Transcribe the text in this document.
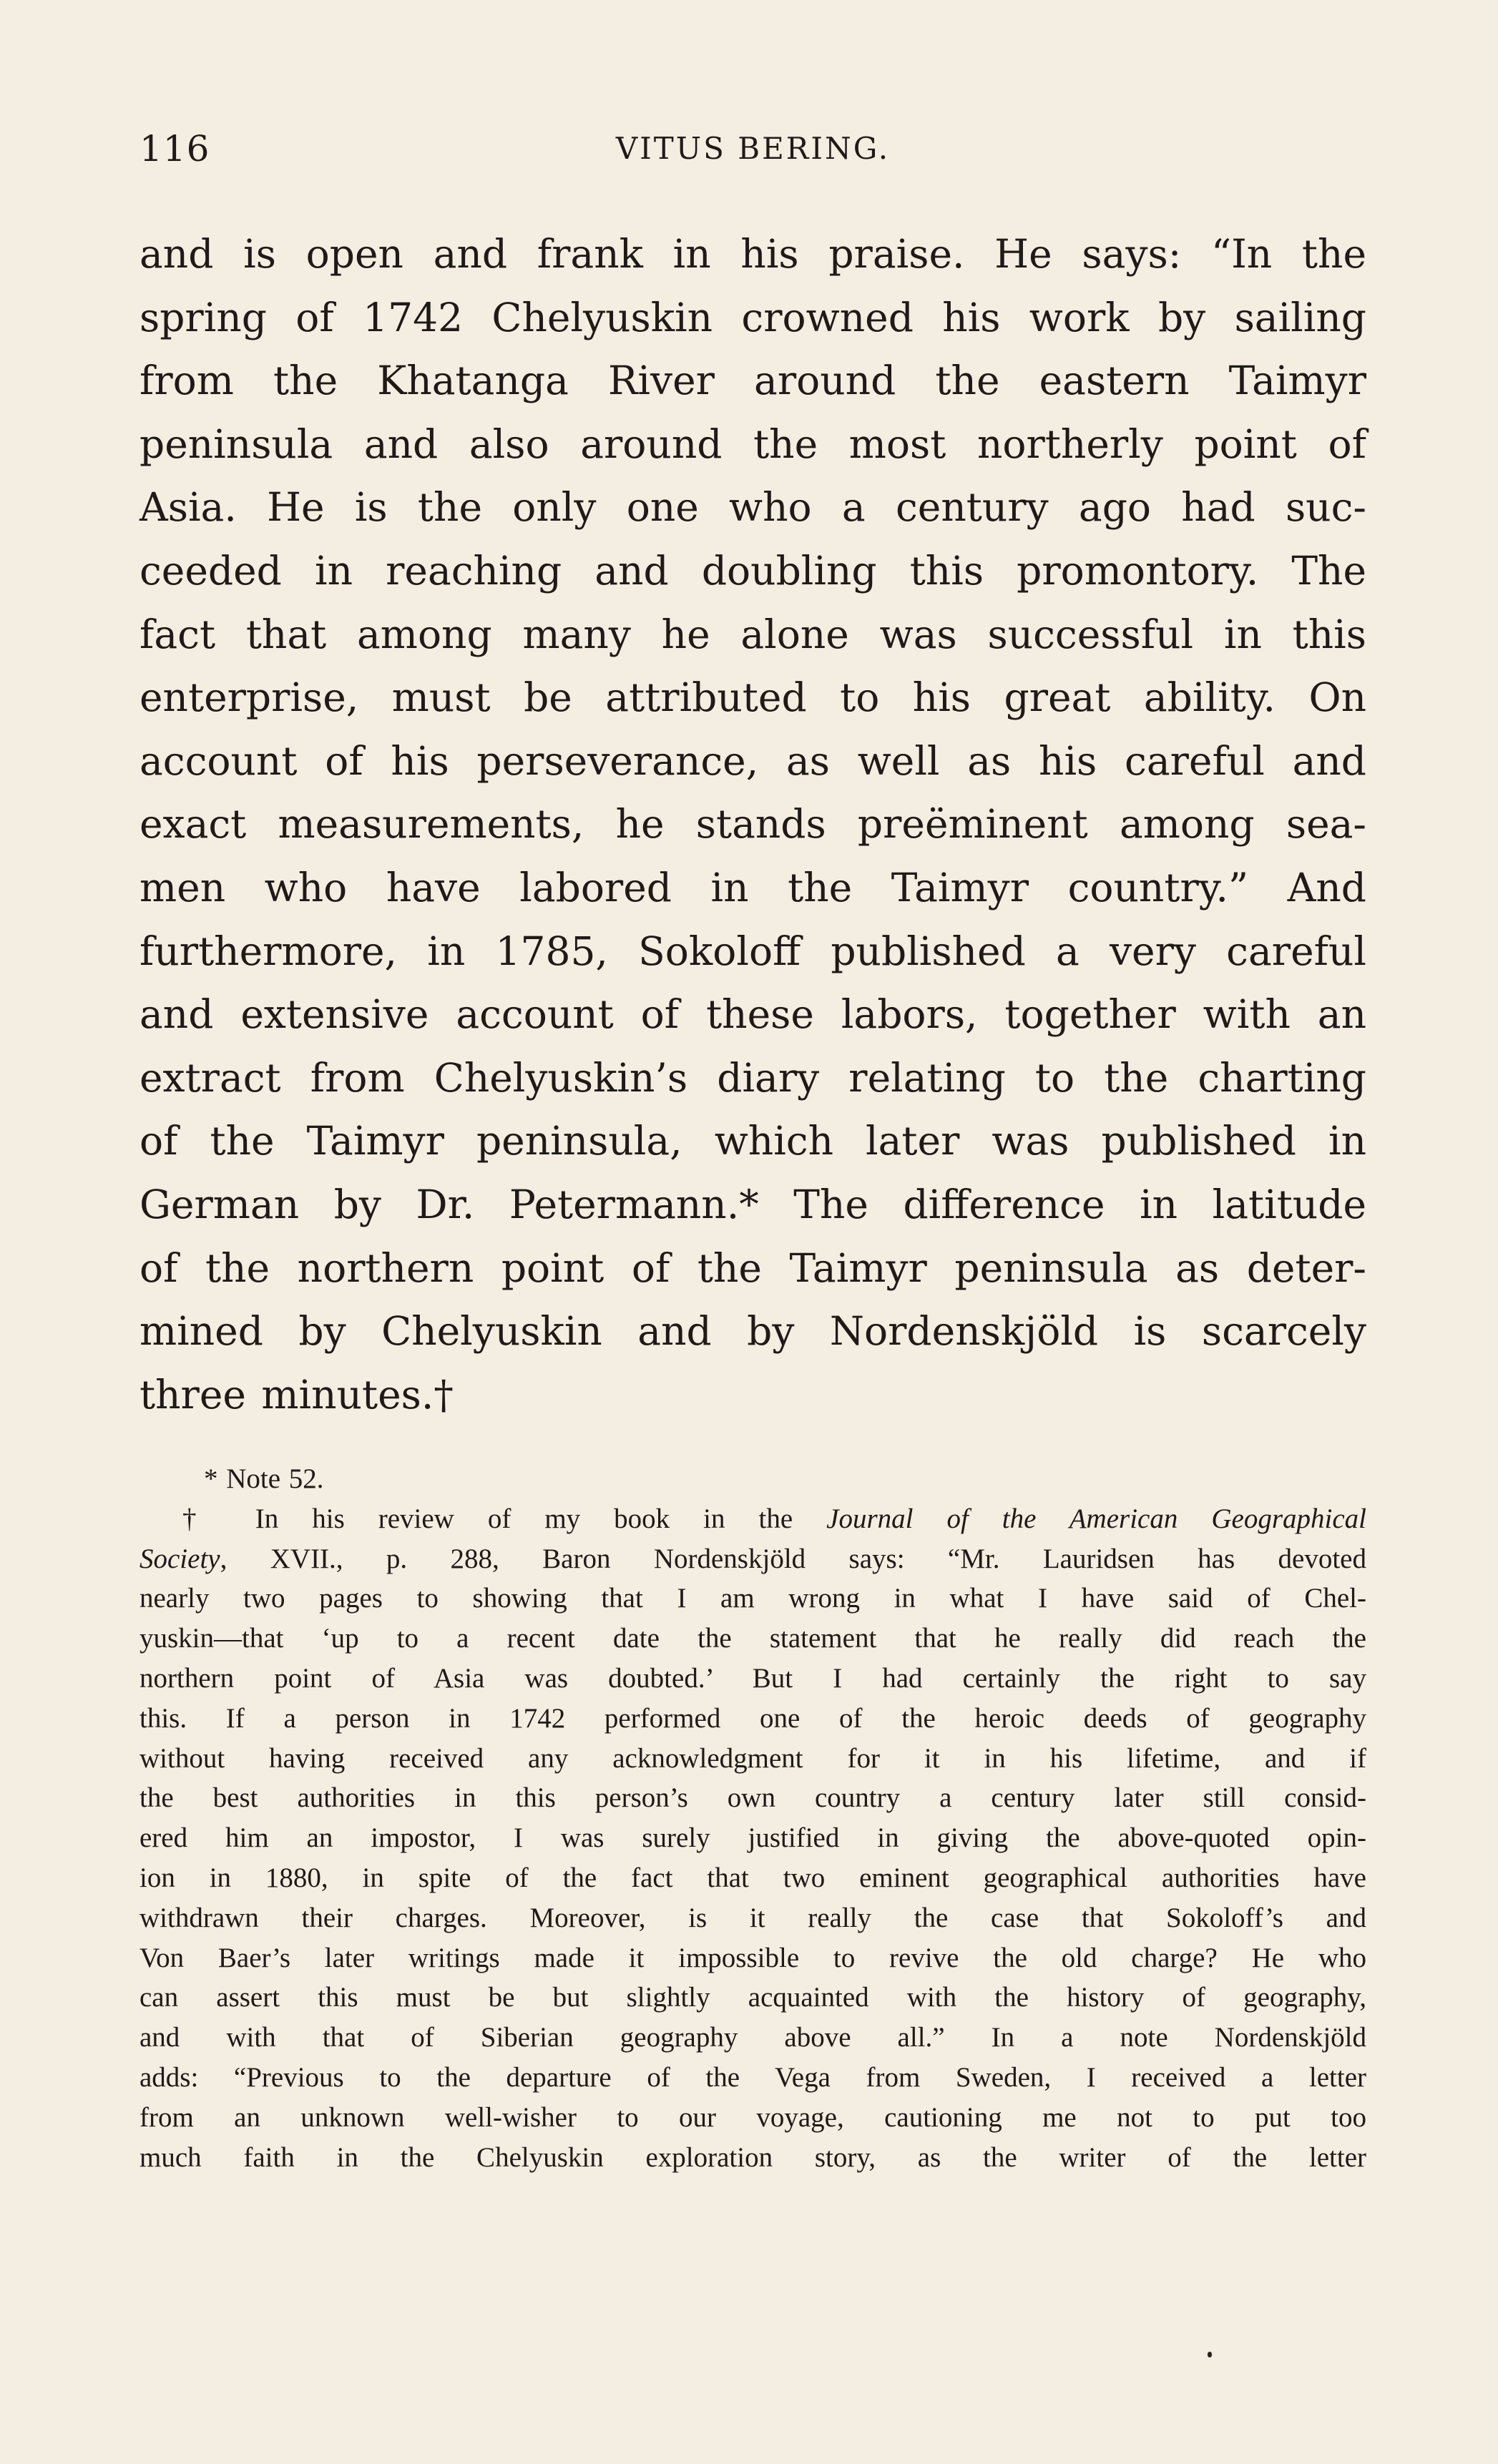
116	VITUS BERING.
and is open and frank in his praise. He says: “In the
spring of 1742 Chelyuskin crowned his work by sailing
from the Khatanga River around the eastern Taimyr
peninsula and also around the most northerly point of
Asia. He is the only one who a century ago had suc-
ceeded in reaching and doubling this promontory. The
fact that among many he alone was successful in this
enterprise, must be attributed to his great ability. On
account of his perseverance, as well as his careful and
exact measurements, he stands preëminent among sea-
men who have labored in the Taimyr country.” And
furthermore, in 1785, Sokoloff published a very careful
and extensive account of these labors, together with an
extract from Chelyuskin’s diary relating to the charting
of the Taimyr peninsula, which later was published in
German by Dr. Petermann.* The difference in latitude
of the northern point of the Taimyr peninsula as deter-
mined by Chelyuskin and by Nordenskjöld is scarcely
three minutes.†
* Note 52.
† In his review of my book in the Journal of the American Geographical
Society, XVII., p. 288, Baron Nordenskjöld says: “Mr. Lauridsen has devoted
nearly two pages to showing that I am wrong in what I have said of Chel-
yuskin—that ‘up to a recent date the statement that he really did reach the
northern point of Asia was doubted.’ But I had certainly the right to say
this. If a person in 1742 performed one of the heroic deeds of geography
without having received any acknowledgment for it in his lifetime, and if
the best authorities in this person’s own country a century later still consid-
ered him an impostor, I was surely justified in giving the above-quoted opin-
ion in 1880, in spite of the fact that two eminent geographical authorities have
withdrawn their charges. Moreover, is it really the case that Sokoloff’s and
Von Baer’s later writings made it impossible to revive the old charge? He who
can assert this must be but slightly acquainted with the history of geography,
and with that of Siberian geography above all.” In a note Nordenskjöld
adds: “Previous to the departure of the Vega from Sweden, I received a letter
from an unknown well-wisher to our voyage, cautioning me not to put too
much faith in the Chelyuskin exploration story, as the writer of the letter
